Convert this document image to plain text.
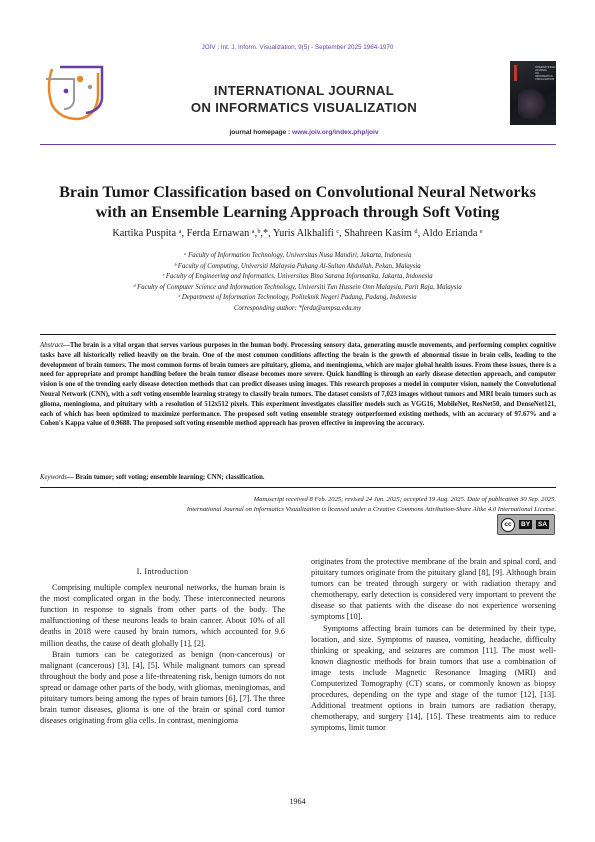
JOIV : Int. J. Inform. Visualization, 9(5) - September 2025 1964-1970
INTERNATIONAL JOURNAL
ON INFORMATICS VISUALIZATION
journal homepage : www.joiv.org/index.php/joiv
INTERNATIONAL JOURNAL
ON INFORMATICS VISUALIZATION
Brain Tumor Classification based on Convolutional Neural Networks
with an Ensemble Learning Approach through Soft Voting
Kartika Puspita ᵃ, Ferda Ernawan ᵃ,ᵇ,*, Yuris Alkhalifi ᶜ, Shahreen Kasim ᵈ, Aldo Erianda ᵉ
ᵃ Faculty of Information Technology, Universitas Nusa Mandiri, Jakarta, Indonesia
ᵇ Faculty of Computing, Universiti Malaysia Pahang Al-Sultan Abdullah, Pekan, Malaysia
ᶜ Faculty of Engineering and Informatics, Universitas Bina Sarana Informatika, Jakarta, Indonesia
ᵈ Faculty of Computer Science and Information Technology, Universiti Tun Hussein Onn Malaysia, Parit Raja, Malaysia
ᵉ Department of Information Technology, Politeknik Negeri Padang, Padang, Indonesia
Corresponding author: *ferda@umpsa.edu.my
Abstract—The brain is a vital organ that serves various purposes in the human body. Processing sensory data, generating muscle movements, and performing complex cognitive tasks have all historically relied heavily on the brain. One of the most common conditions affecting the brain is the growth of abnormal tissue in brain cells, leading to the development of brain tumors. The most common forms of brain tumors are pituitary, glioma, and meningioma, which are major global health issues. From these issues, there is a need for appropriate and prompt handling before the brain tumor disease becomes more severe. Quick handling is through an early disease detection approach, and computer vision is one of the trending early disease detection methods that can predict diseases using images. This research proposes a model in computer vision, namely the Convolutional Neural Network (CNN), with a soft voting ensemble learning strategy to classify brain tumors. The dataset consists of 7,023 images without tumors and MRI brain tumors such as glioma, meningioma, and pituitary with a resolution of 512x512 pixels. This experiment investigates classifier models such as VGG16, MobileNet, ResNet50, and DenseNet121, each of which has been optimized to maximize performance. The proposed soft voting ensemble strategy outperformed existing methods, with an accuracy of 97.67% and a Cohen's Kappa value of 0.9688. The proposed soft voting ensemble method approach has proven effective in improving the accuracy.
Keywords— Brain tumor; soft voting; ensemble learning; CNN; classification.
Manuscript received 8 Feb. 2025; revised 24 Jun. 2025; accepted 19 Aug. 2025. Date of publication 30 Sep. 2025.
International Journal on Informatics Visualization is licensed under a Creative Commons Attribution-Share Alike 4.0 International License.
cc	BY	SA
I. Introduction

Comprising multiple complex neuronal networks, the human brain is the most complicated organ in the body. These interconnected neurons function in response to signals from other parts of the body. The malfunctioning of these neurons leads to brain cancer. About 10% of all deaths in 2018 were caused by brain tumors, which accounted for 9.6 million deaths, the cause of death globally [1], [2].

Brain tumors can be categorized as benign (non-cancerous) or malignant (cancerous) [3], [4], [5]. While malignant tumors can spread throughout the body and pose a life-threatening risk, benign tumors do not spread or damage other parts of the body, with gliomas, meningiomas, and pituitary tumors being among the types of brain tumors [6], [7]. The three brain tumor diseases, glioma is one of the brain or spinal cord tumor diseases originating from glia cells. In contrast, meningioma

originates from the protective membrane of the brain and spinal cord, and pituitary tumors originate from the pituitary gland [8], [9]. Although brain tumors can be treated through surgery or with radiation therapy and chemotherapy, early detection is considered very important to prevent the disease so that patients with the disease do not experience worsening symptoms [10].

Symptoms affecting brain tumors can be determined by their type, location, and size. Symptoms of nausea, vomiting, headache, difficulty thinking or speaking, and seizures are common [11]. The most well-known diagnostic methods for brain tumors that use a combination of image tests include Magnetic Resonance Imaging (MRI) and Computerized Tomography (CT) scans, or commonly known as biopsy procedures, depending on the type and stage of the tumor [12], [13]. Additional treatment options in brain tumors are radiation therapy, chemotherapy, and surgery [14], [15]. These treatments aim to reduce symptoms, limit tumor

1964
